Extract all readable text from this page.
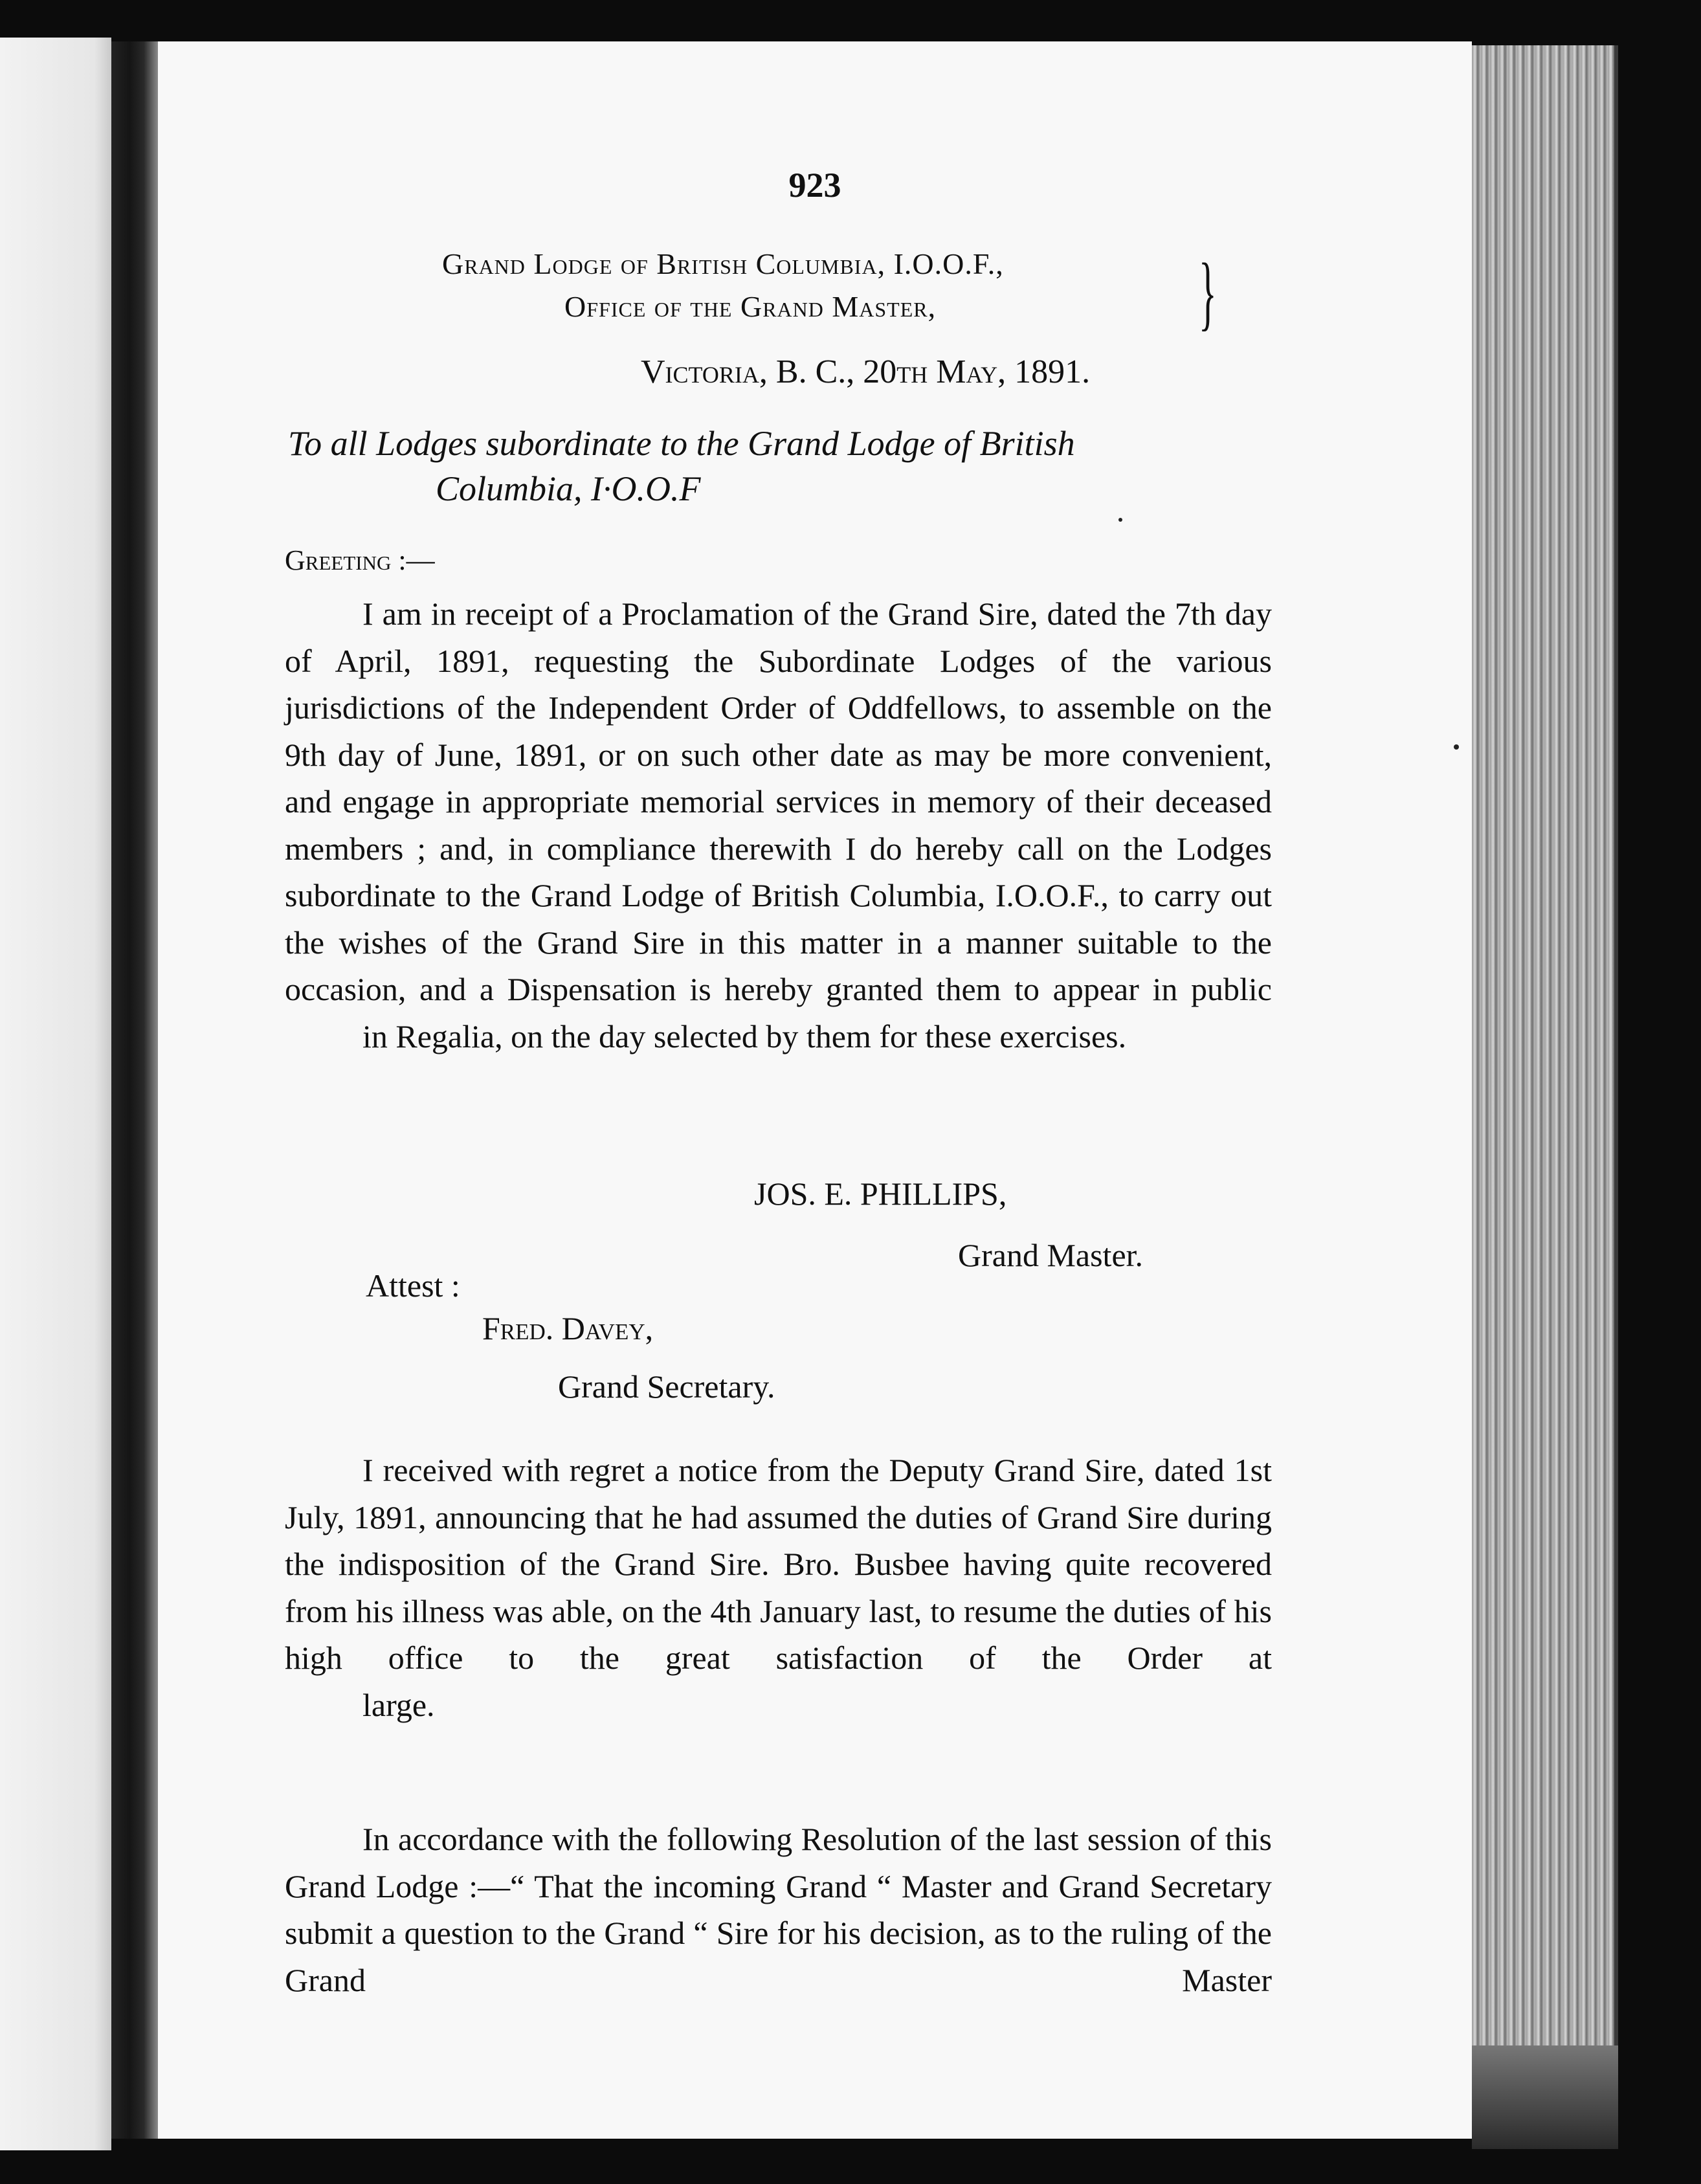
923
Grand Lodge of British Columbia, I.O.O.F.,
Office of the Grand Master,	}
Victoria, B. C., 20th May, 1891.
To all Lodges subordinate to the Grand Lodge of British
Columbia, I·O.O.F
Greeting :—

I am in receipt of a Proclamation of the Grand Sire, dated the 7th day of April, 1891, requesting the Subordinate Lodges of the various jurisdictions of the Independent Order of Oddfellows, to assemble on the 9th day of June, 1891, or on such other date as may be more convenient, and engage in appropriate memorial services in memory of their deceased members ; and, in compliance therewith I do hereby call on the Lodges subordinate to the Grand Lodge of British Columbia, I.O.O.F., to carry out the wishes of the Grand Sire in this matter in a manner suitable to the occasion, and a Dispensation is hereby granted them to appear in public
in Regalia, on the day selected by them for these exercises.

JOS. E. PHILLIPS,
Grand Master.
Attest :
Fred. Davey,
Grand Secretary.

I received with regret a notice from the Deputy Grand Sire, dated 1st July, 1891, announcing that he had assumed the duties of Grand Sire during the indisposition of the Grand Sire. Bro. Busbee having quite recovered from his illness was able, on the 4th January last, to resume the duties of his high office to the great satisfaction of the Order at
large.

In accordance with the following Resolution of the last session of this Grand Lodge :—“ That the incoming Grand “ Master and Grand Secretary submit a question to the Grand “ Sire for his decision, as to the ruling of the Grand Master
